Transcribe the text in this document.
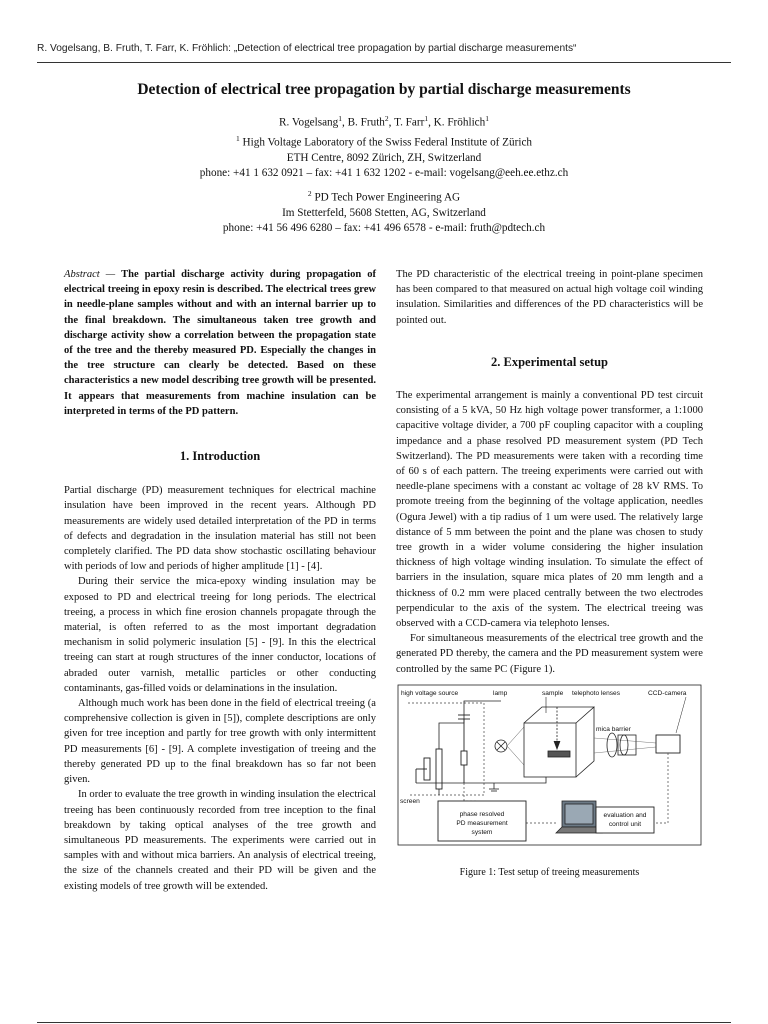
R. Vogelsang, B. Fruth, T. Farr, K. Fröhlich: „Detection of electrical tree propagation by partial discharge measurements“
Detection of electrical tree propagation by partial discharge measurements
R. Vogelsang$^1$, B. Fruth$^2$, T. Farr$^1$, K. Fröhlich$^1$
$^1$ High Voltage Laboratory of the Swiss Federal Institute of Zürich
ETH Centre, 8092 Zürich, ZH, Switzerland
phone: +41 1 632 0921 – fax: +41 1 632 1202 - e-mail: vogelsang@eeh.ee.ethz.ch
$^2$ PD Tech Power Engineering AG
Im Stetterfeld, 5608 Stetten, AG, Switzerland
phone: +41 56 496 6280 – fax: +41 496 6578 - e-mail: fruth@pdtech.ch

Abstract — The partial discharge activity during propagation of electrical treeing in epoxy resin is described. The electrical trees grew in needle-plane samples without and with an internal barrier up to the final breakdown. The simultaneous taken tree growth and discharge activity show a correlation between the propagation state of the tree and the thereby measured PD. Especially the changes in the tree structure can clearly be detected. Based on these characteristics a new model describing tree growth will be presented. It appears that measurements from machine insulation can be interpreted in terms of the PD pattern.

1. Introduction

Partial discharge (PD) measurement techniques for electrical machine insulation have been improved in the recent years. Although PD measurements are widely used detailed interpretation of the PD in terms of defects and degradation in the insulation material has still not been completely clarified. The PD data show stochastic oscillating behaviour with periods of low and periods of higher amplitude [1] - [4].

During their service the mica-epoxy winding insulation may be exposed to PD and electrical treeing for long periods. The electrical treeing, a process in which fine erosion channels propagate through the material, is often referred to as the most important degradation mechanism in solid polymeric insulation [5] - [9]. In this the electrical treeing can start at rough structures of the inner conductor, locations of abraded outer varnish, metallic particles or other conducting contaminants, gas-filled voids or delaminations in the insulation.

Although much work has been done in the field of electrical treeing (a comprehensive collection is given in [5]), complete descriptions are only given for tree inception and partly for tree growth with only intermittent PD measurements [6] - [9]. A complete investigation of treeing and the thereby generated PD up to the final breakdown has so far not been given.

In order to evaluate the tree growth in winding insulation the electrical treeing has been continuously recorded from tree inception to the final breakdown by taking optical analyses of the tree growth and simultaneous PD measurements. The experiments were carried out in samples with and without mica barriers. An analysis of electrical treeing, the size of the channels created and their PD will be given and the existing models of tree growth will be extended.

The PD characteristic of the electrical treeing in point-plane specimen has been compared to that measured on actual high voltage coil winding insulation. Similarities and differences of the PD characteristics will be pointed out.

2. Experimental setup

The experimental arrangement is mainly a conventional PD test circuit consisting of a 5 kVA, 50 Hz high voltage power transformer, a 1:1000 capacitive voltage divider, a 700 pF coupling capacitor with a coupling impedance and a phase resolved PD measurement system (PD Tech Switzerland). The PD measurements were taken with a recording time of 60 s of each pattern. The treeing experiments were carried out with needle-plane specimens with a constant ac voltage of 28 kV RMS. To promote treeing from the beginning of the voltage application, needles (Ogura Jewel) with a tip radius of 1 um were used. The relatively large distance of 5 mm between the point and the plane was chosen to study tree growth in a wider volume considering the higher insulation thickness of high voltage winding insulation. To simulate the effect of barriers in the insulation, square mica plates of 20 mm length and a thickness of 0.2 mm were placed centrally between the two electrodes perpendicular to the axis of the system. The electrical treeing was observed with a CCD-camera via telephoto lenses.

For simultaneous measurements of the electrical tree growth and the generated PD thereby, the camera and the PD measurement system were controlled by the same PC (Figure 1).

high voltage source	lamp	sample telephoto lenses	CCD-camera
mica barrier
screen
phase resolved
PD measurement
system
evaluation and
control unit
Figure 1: Test setup of treeing measurements
